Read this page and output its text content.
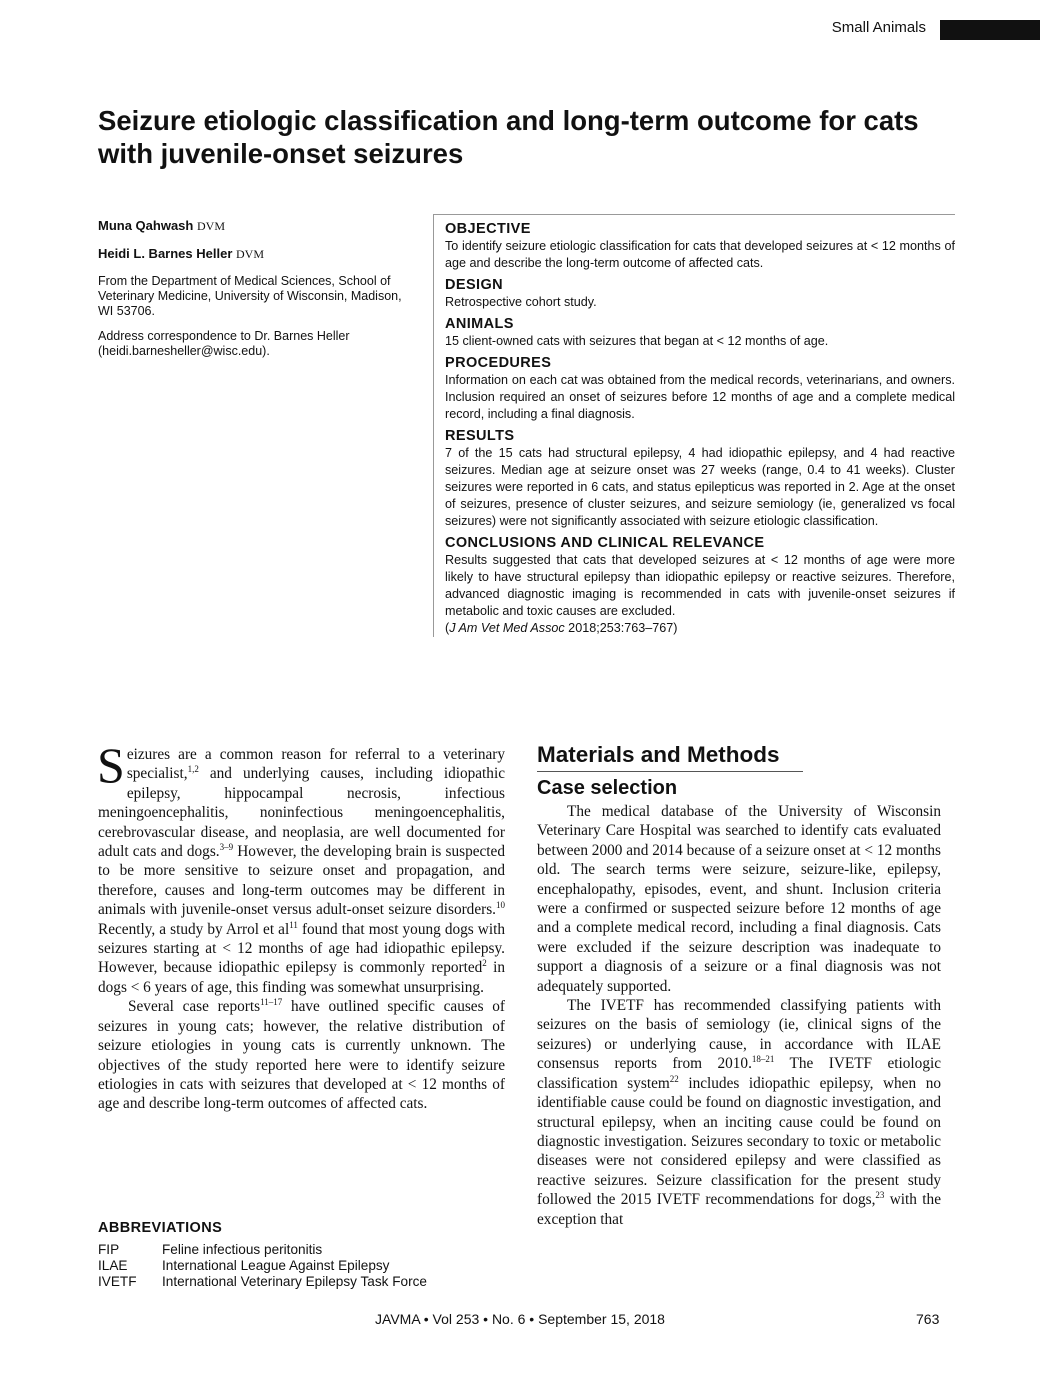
Small Animals
Seizure etiologic classification and long-term outcome for cats with juvenile-onset seizures
Muna Qahwash DVM
Heidi L. Barnes Heller DVM
From the Department of Medical Sciences, School of Veterinary Medicine, University of Wisconsin, Madison, WI 53706.
Address correspondence to Dr. Barnes Heller (heidi.barnesheller@wisc.edu).
OBJECTIVE

To identify seizure etiologic classification for cats that developed seizures at < 12 months of age and describe the long-term outcome of affected cats.

DESIGN

Retrospective cohort study.

ANIMALS

15 client-owned cats with seizures that began at < 12 months of age.

PROCEDURES

Information on each cat was obtained from the medical records, veterinarians, and owners. Inclusion required an onset of seizures before 12 months of age and a complete medical record, including a final diagnosis.

RESULTS

7 of the 15 cats had structural epilepsy, 4 had idiopathic epilepsy, and 4 had reactive seizures. Median age at seizure onset was 27 weeks (range, 0.4 to 41 weeks). Cluster seizures were reported in 6 cats, and status epilepticus was reported in 2. Age at the onset of seizures, presence of cluster seizures, and seizure semiology (ie, generalized vs focal seizures) were not significantly associated with seizure etiologic classification.

CONCLUSIONS AND CLINICAL RELEVANCE

Results suggested that cats that developed seizures at < 12 months of age were more likely to have structural epilepsy than idiopathic epilepsy or reactive seizures. Therefore, advanced diagnostic imaging is recommended in cats with juvenile-onset seizures if metabolic and toxic causes are excluded.
(J Am Vet Med Assoc 2018;253:763–767)

Seizures are a common reason for referral to a veterinary specialist,$^{1,2}$ and underlying causes, including idiopathic epilepsy, hippocampal necrosis, infectious meningoencephalitis, noninfectious meningoencephalitis, cerebrovascular disease, and neoplasia, are well documented for adult cats and dogs.$^{3-9}$ However, the developing brain is suspected to be more sensitive to seizure onset and propagation, and therefore, causes and long-term outcomes may be different in animals with juvenile-onset versus adult-onset seizure disorders.$^{10}$ Recently, a study by Arrol et $al^{11}$ found that most young dogs with seizures starting at < 12 months of age had idiopathic epilepsy. However, because idiopathic epilepsy is commonly reported$^2$ in dogs < 6 years of age, this finding was somewhat unsurprising.

Several case reports$^{11-17}$ have outlined specific causes of seizures in young cats; however, the relative distribution of seizure etiologies in young cats is currently unknown. The objectives of the study reported here were to identify seizure etiologies in cats with seizures that developed at < 12 months of age and describe long-term outcomes of affected cats.

ABBREVIATIONS
FIP	Feline infectious peritonitis
ILAE	International League Against Epilepsy
IVETF	International Veterinary Epilepsy Task Force
Materials and Methods
Case selection

The medical database of the University of Wisconsin Veterinary Care Hospital was searched to identify cats evaluated between 2000 and 2014 because of a seizure onset at < 12 months old. The search terms were seizure, seizure-like, epilepsy, encephalopathy, episodes, event, and shunt. Inclusion criteria were a confirmed or suspected seizure before 12 months of age and a complete medical record, including a final diagnosis. Cats were excluded if the seizure description was inadequate to support a diagnosis of a seizure or a final diagnosis was not adequately supported.

The IVETF has recommended classifying patients with seizures on the basis of semiology (ie, clinical signs of the seizures) or underlying cause, in accordance with ILAE consensus reports from 2010.$^{18-21}$ The IVETF etiologic classification system$^{22}$ includes idiopathic epilepsy, when no identifiable cause could be found on diagnostic investigation, and structural epilepsy, when an inciting cause could be found on diagnostic investigation. Seizures secondary to toxic or metabolic diseases were not considered epilepsy and were classified as reactive seizures. Seizure classification for the present study followed the 2015 IVETF recommendations for dogs,$^{23}$ with the exception that

JAVMA • Vol 253 • No. 6 • September 15, 2018	763
